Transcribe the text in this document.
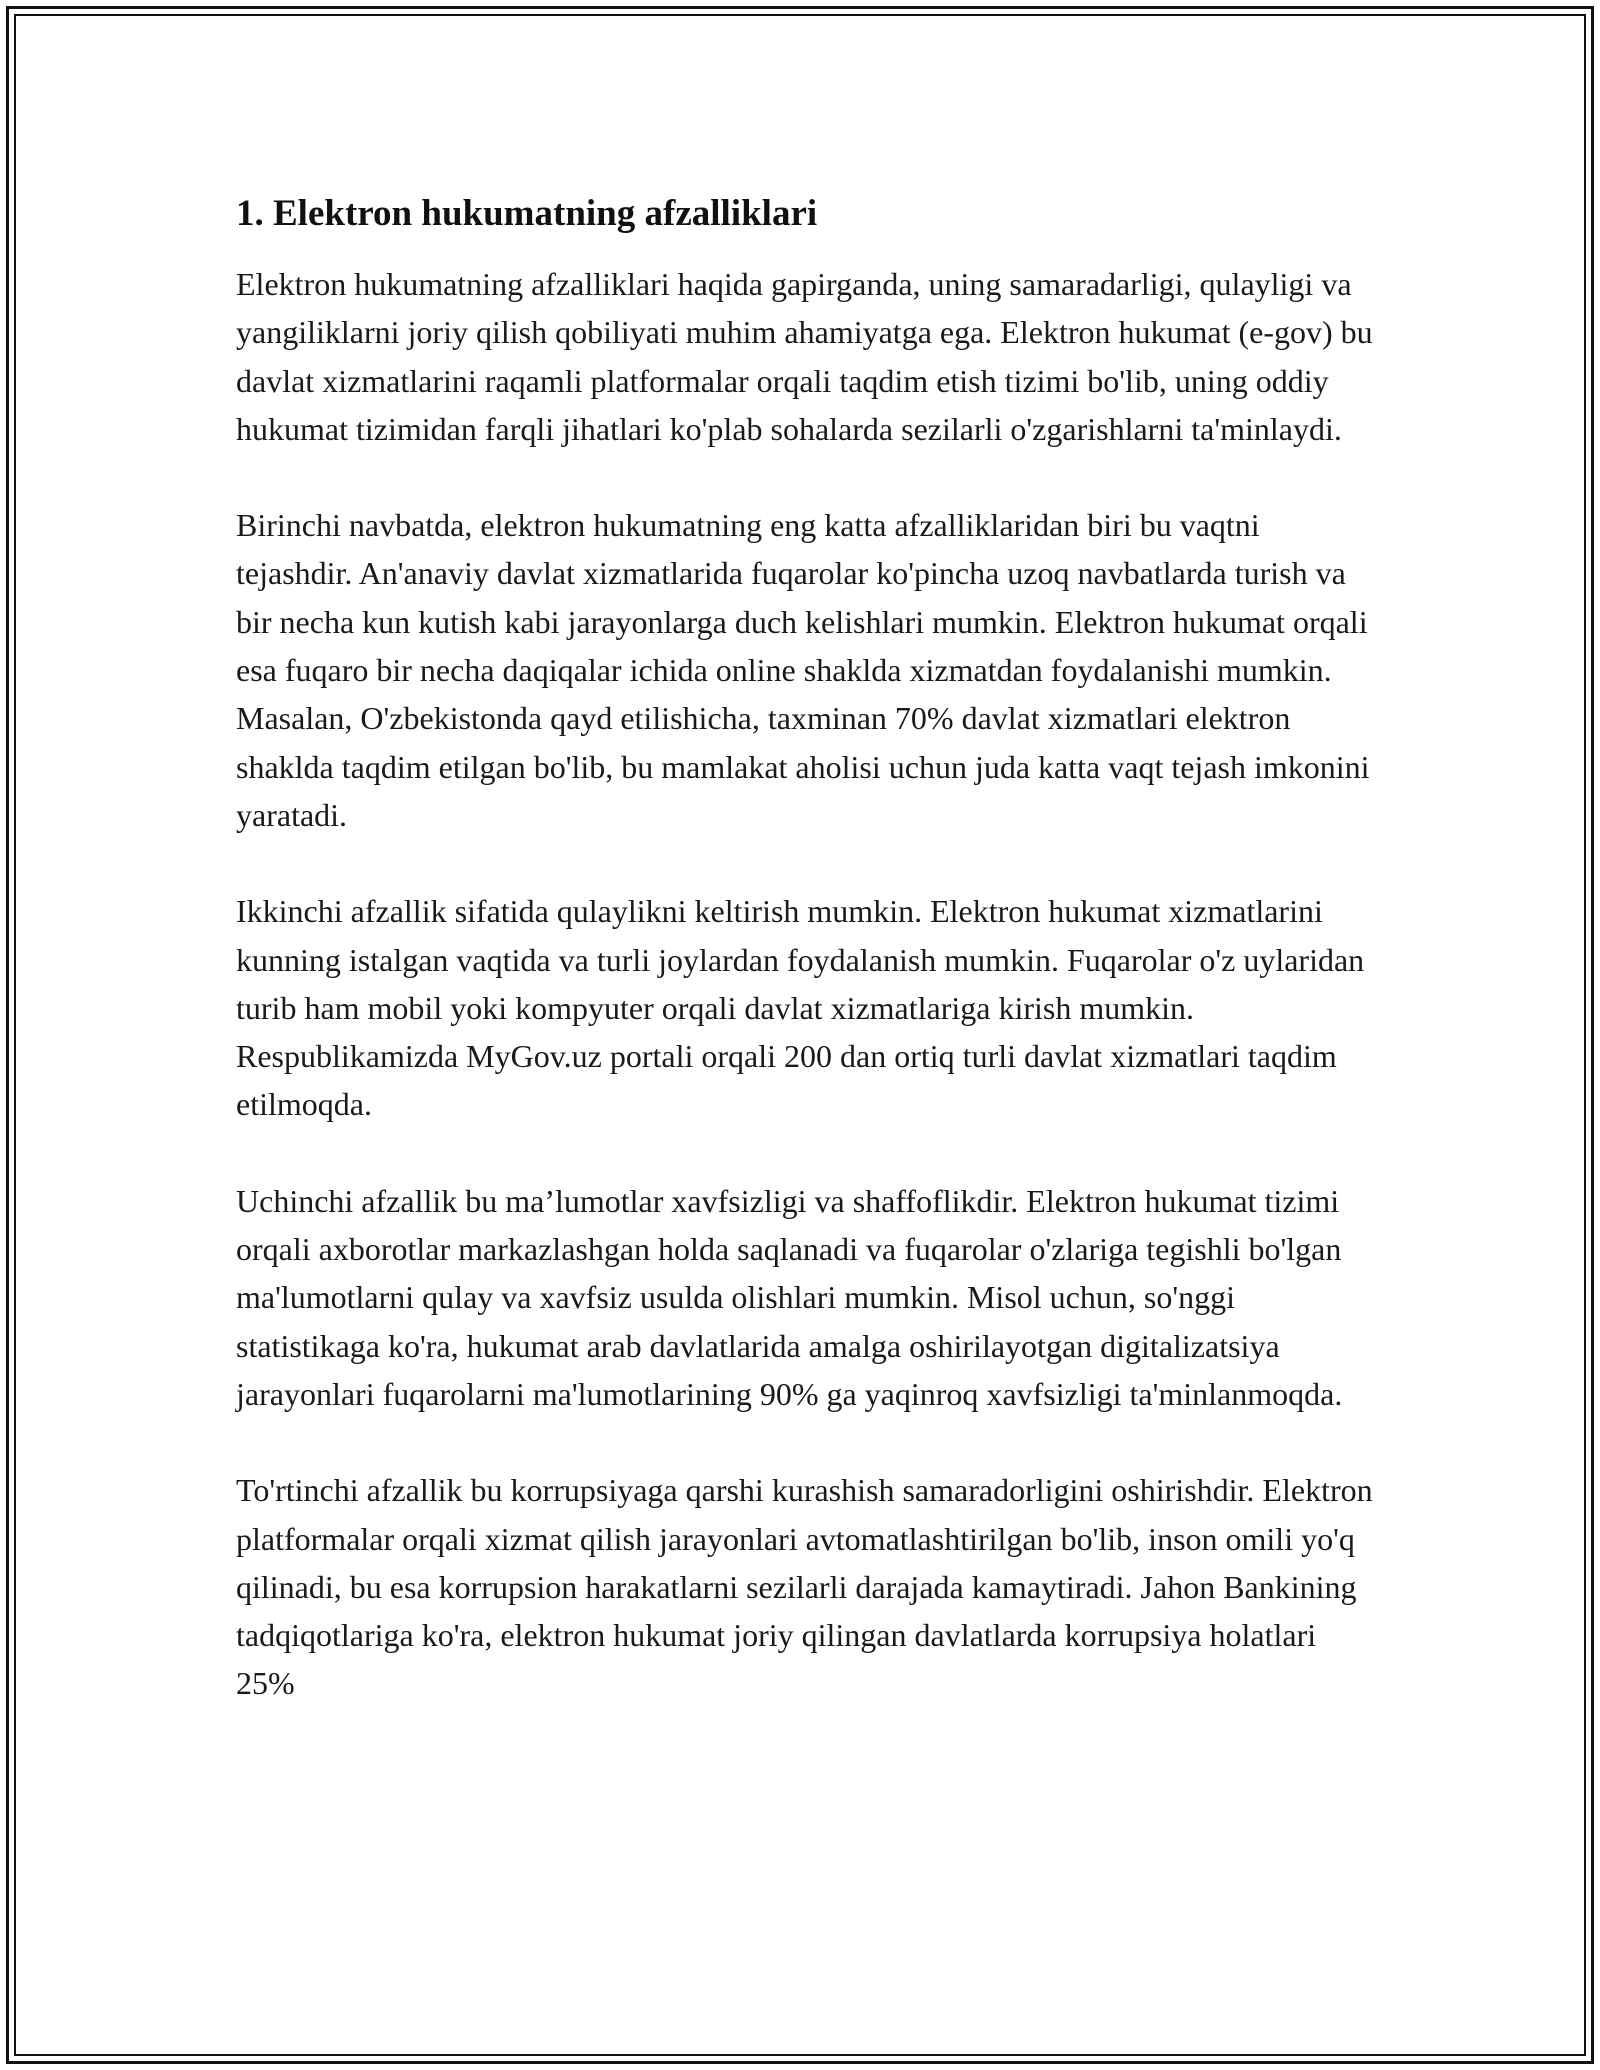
1. Elektron hukumatning afzalliklari

Elektron hukumatning afzalliklari haqida gapirganda, uning samaradarligi, qulayligi va yangiliklarni joriy qilish qobiliyati muhim ahamiyatga ega. Elektron hukumat (e-gov) bu davlat xizmatlarini raqamli platformalar orqali taqdim etish tizimi bo'lib, uning oddiy hukumat tizimidan farqli jihatlari ko'plab sohalarda sezilarli o'zgarishlarni ta'minlaydi.

Birinchi navbatda, elektron hukumatning eng katta afzalliklaridan biri bu vaqtni tejashdir. An'anaviy davlat xizmatlarida fuqarolar ko'pincha uzoq navbatlarda turish va bir necha kun kutish kabi jarayonlarga duch kelishlari mumkin. Elektron hukumat orqali esa fuqaro bir necha daqiqalar ichida online shaklda xizmatdan foydalanishi mumkin. Masalan, O'zbekistonda qayd etilishicha, taxminan 70% davlat xizmatlari elektron shaklda taqdim etilgan bo'lib, bu mamlakat aholisi uchun juda katta vaqt tejash imkonini yaratadi.

Ikkinchi afzallik sifatida qulaylikni keltirish mumkin. Elektron hukumat xizmatlarini kunning istalgan vaqtida va turli joylardan foydalanish mumkin. Fuqarolar o'z uylaridan turib ham mobil yoki kompyuter orqali davlat xizmatlariga kirish mumkin. Respublikamizda MyGov.uz portali orqali 200 dan ortiq turli davlat xizmatlari taqdim etilmoqda.

Uchinchi afzallik bu ma’lumotlar xavfsizligi va shaffoflikdir. Elektron hukumat tizimi orqali axborotlar markazlashgan holda saqlanadi va fuqarolar o'zlariga tegishli bo'lgan ma'lumotlarni qulay va xavfsiz usulda olishlari mumkin. Misol uchun, so'nggi statistikaga ko'ra, hukumat arab davlatlarida amalga oshirilayotgan digitalizatsiya jarayonlari fuqarolarni ma'lumotlarining 90% ga yaqinroq xavfsizligi ta'minlanmoqda.

To'rtinchi afzallik bu korrupsiyaga qarshi kurashish samaradorligini oshirishdir. Elektron platformalar orqali xizmat qilish jarayonlari avtomatlashtirilgan bo'lib, inson omili yo'q qilinadi, bu esa korrupsion harakatlarni sezilarli darajada kamaytiradi. Jahon Bankining tadqiqotlariga ko'ra, elektron hukumat joriy qilingan davlatlarda korrupsiya holatlari 25%
